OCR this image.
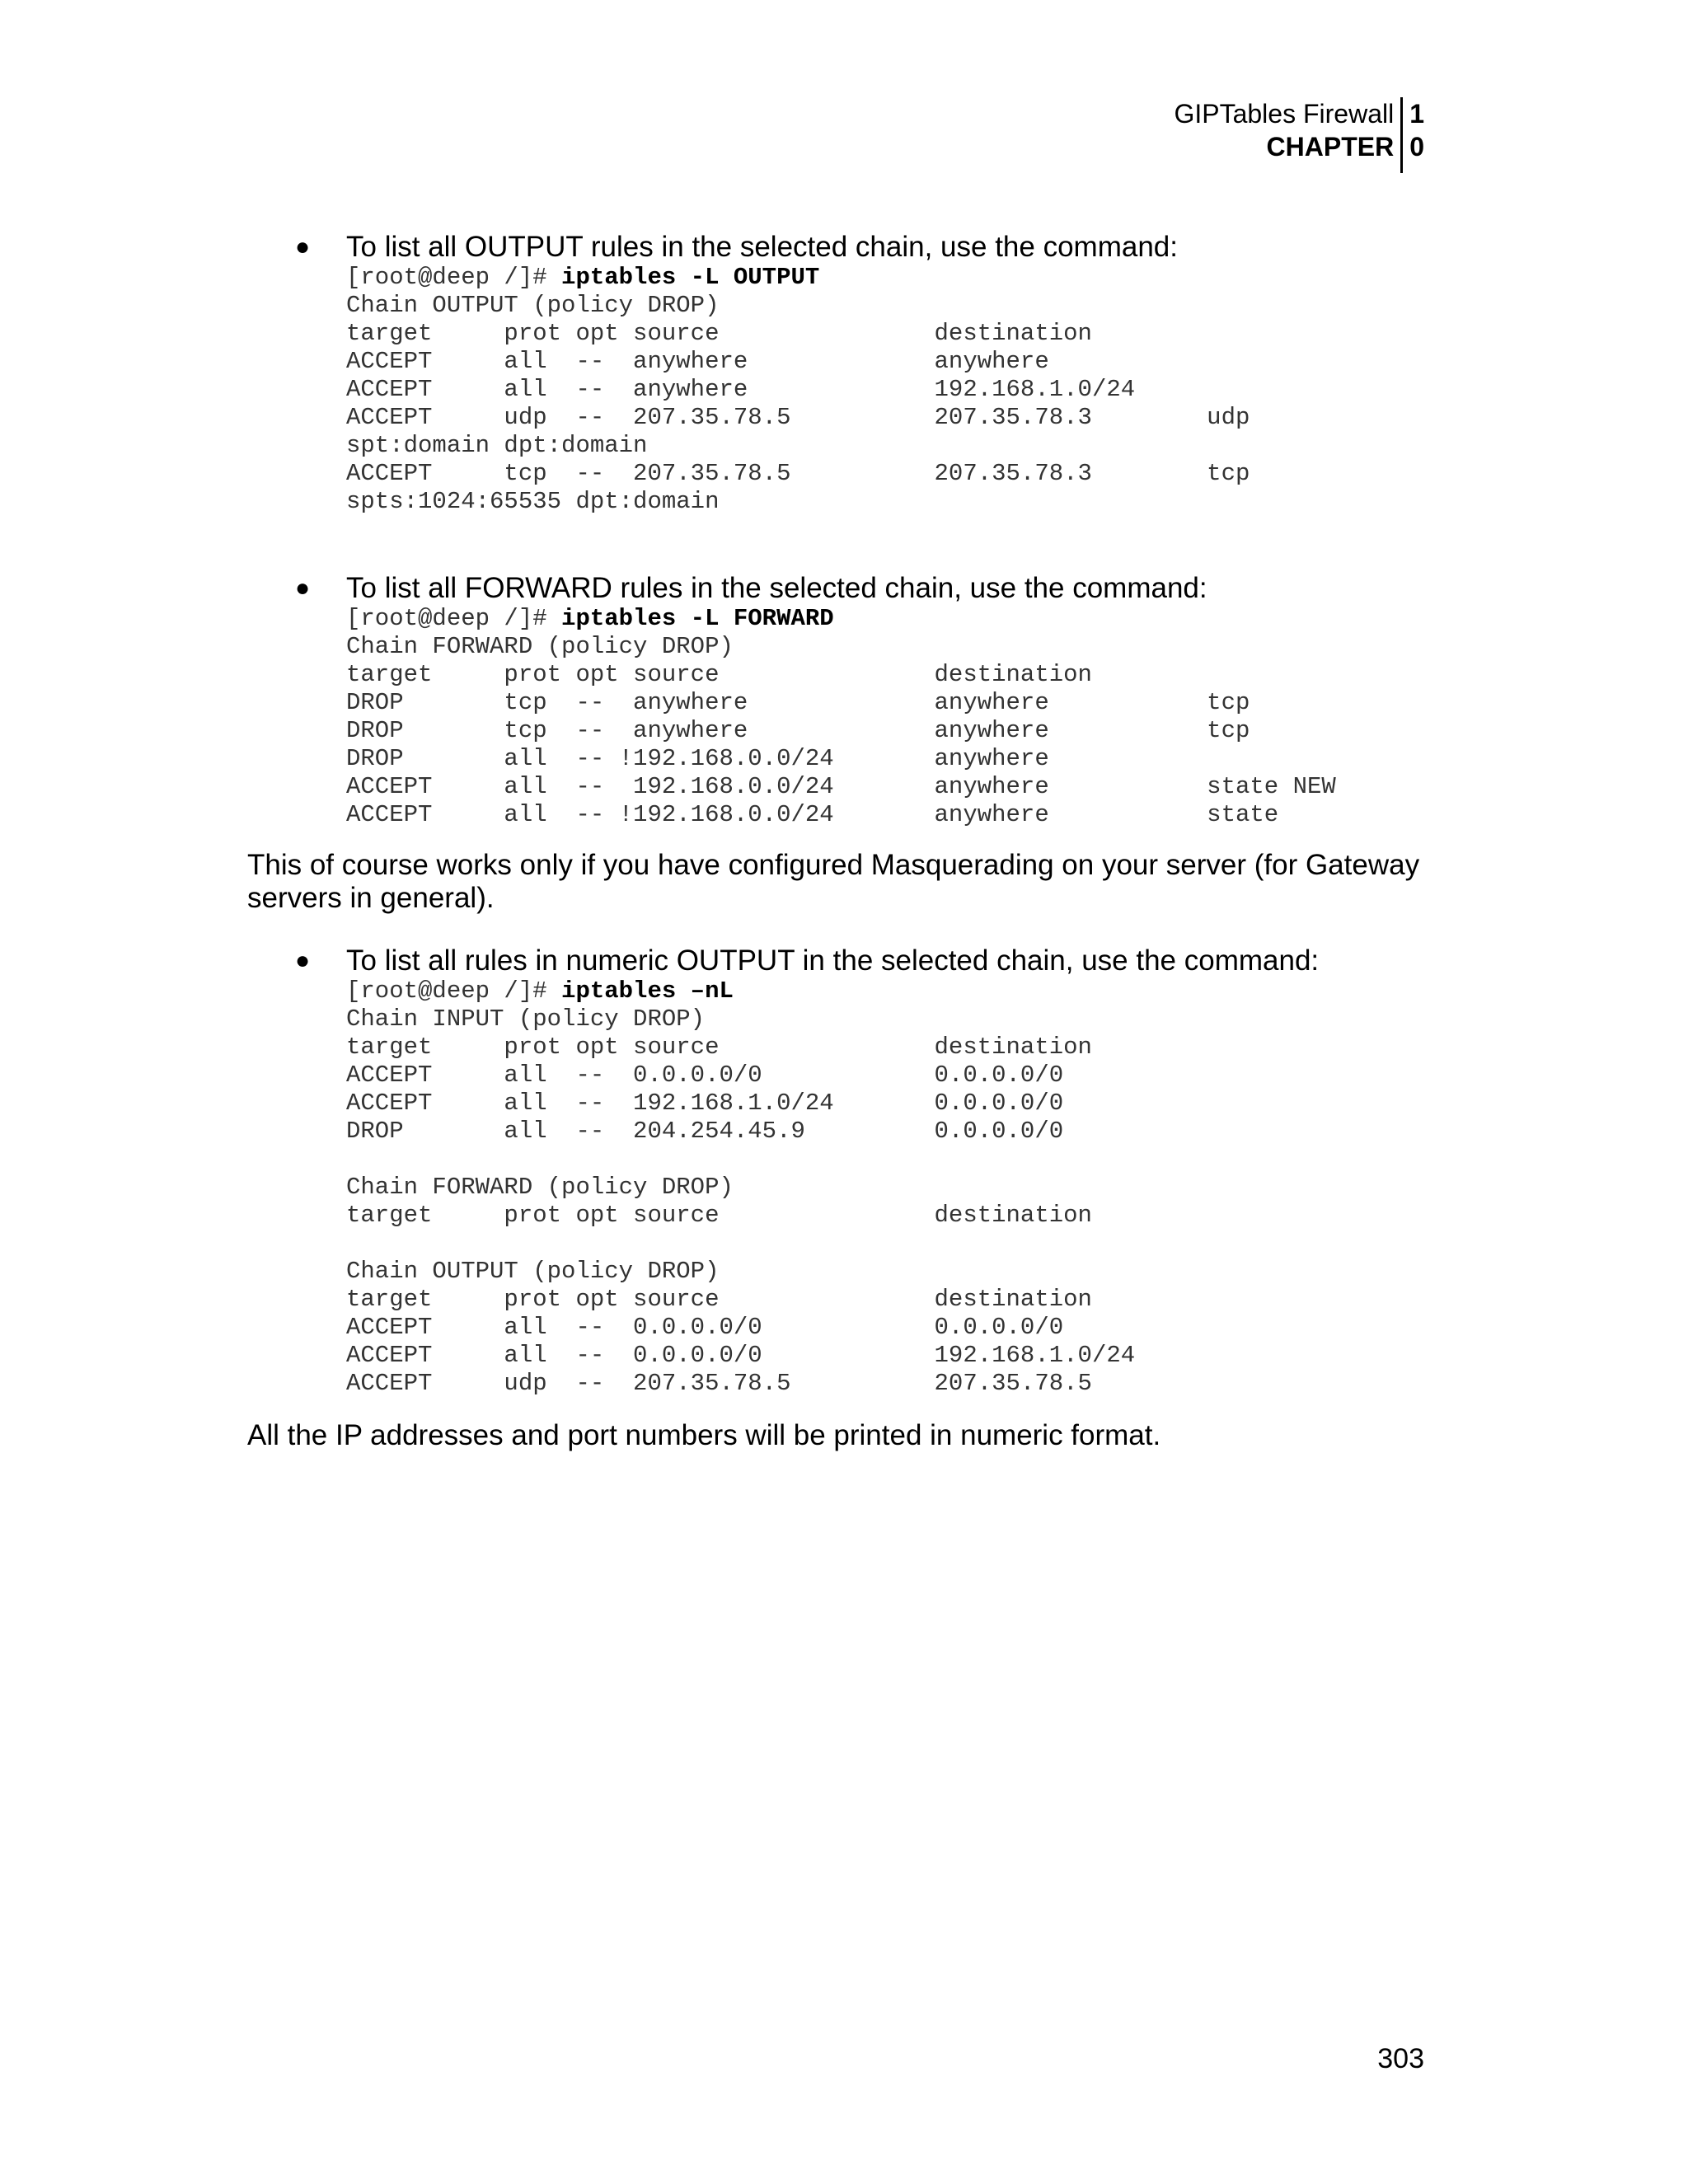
GIPTables Firewall
CHAPTER
1
0
● To list all OUTPUT rules in the selected chain, use the command:
[root@deep /]# iptables -L OUTPUT
Chain OUTPUT (policy DROP)
target     prot opt source               destination
ACCEPT     all  --  anywhere             anywhere
ACCEPT     all  --  anywhere             192.168.1.0/24
ACCEPT     udp  --  207.35.78.5          207.35.78.3        udp
spt:domain dpt:domain
ACCEPT     tcp  --  207.35.78.5          207.35.78.3        tcp
spts:1024:65535 dpt:domain
● To list all FORWARD rules in the selected chain, use the command:
[root@deep /]# iptables -L FORWARD
Chain FORWARD (policy DROP)
target     prot opt source               destination
DROP       tcp  --  anywhere             anywhere           tcp
DROP       tcp  --  anywhere             anywhere           tcp
DROP       all  -- !192.168.0.0/24       anywhere
ACCEPT     all  --  192.168.0.0/24       anywhere           state NEW
ACCEPT     all  -- !192.168.0.0/24       anywhere           state
This of course works only if you have configured Masquerading on your server (for Gateway servers in general).
● To list all rules in numeric OUTPUT in the selected chain, use the command:
[root@deep /]# iptables –nL
Chain INPUT (policy DROP)
target     prot opt source               destination
ACCEPT     all  --  0.0.0.0/0            0.0.0.0/0
ACCEPT     all  --  192.168.1.0/24       0.0.0.0/0
DROP       all  --  204.254.45.9         0.0.0.0/0

Chain FORWARD (policy DROP)
target     prot opt source               destination

Chain OUTPUT (policy DROP)
target     prot opt source               destination
ACCEPT     all  --  0.0.0.0/0            0.0.0.0/0
ACCEPT     all  --  0.0.0.0/0            192.168.1.0/24
ACCEPT     udp  --  207.35.78.5          207.35.78.5
All the IP addresses and port numbers will be printed in numeric format.
303
